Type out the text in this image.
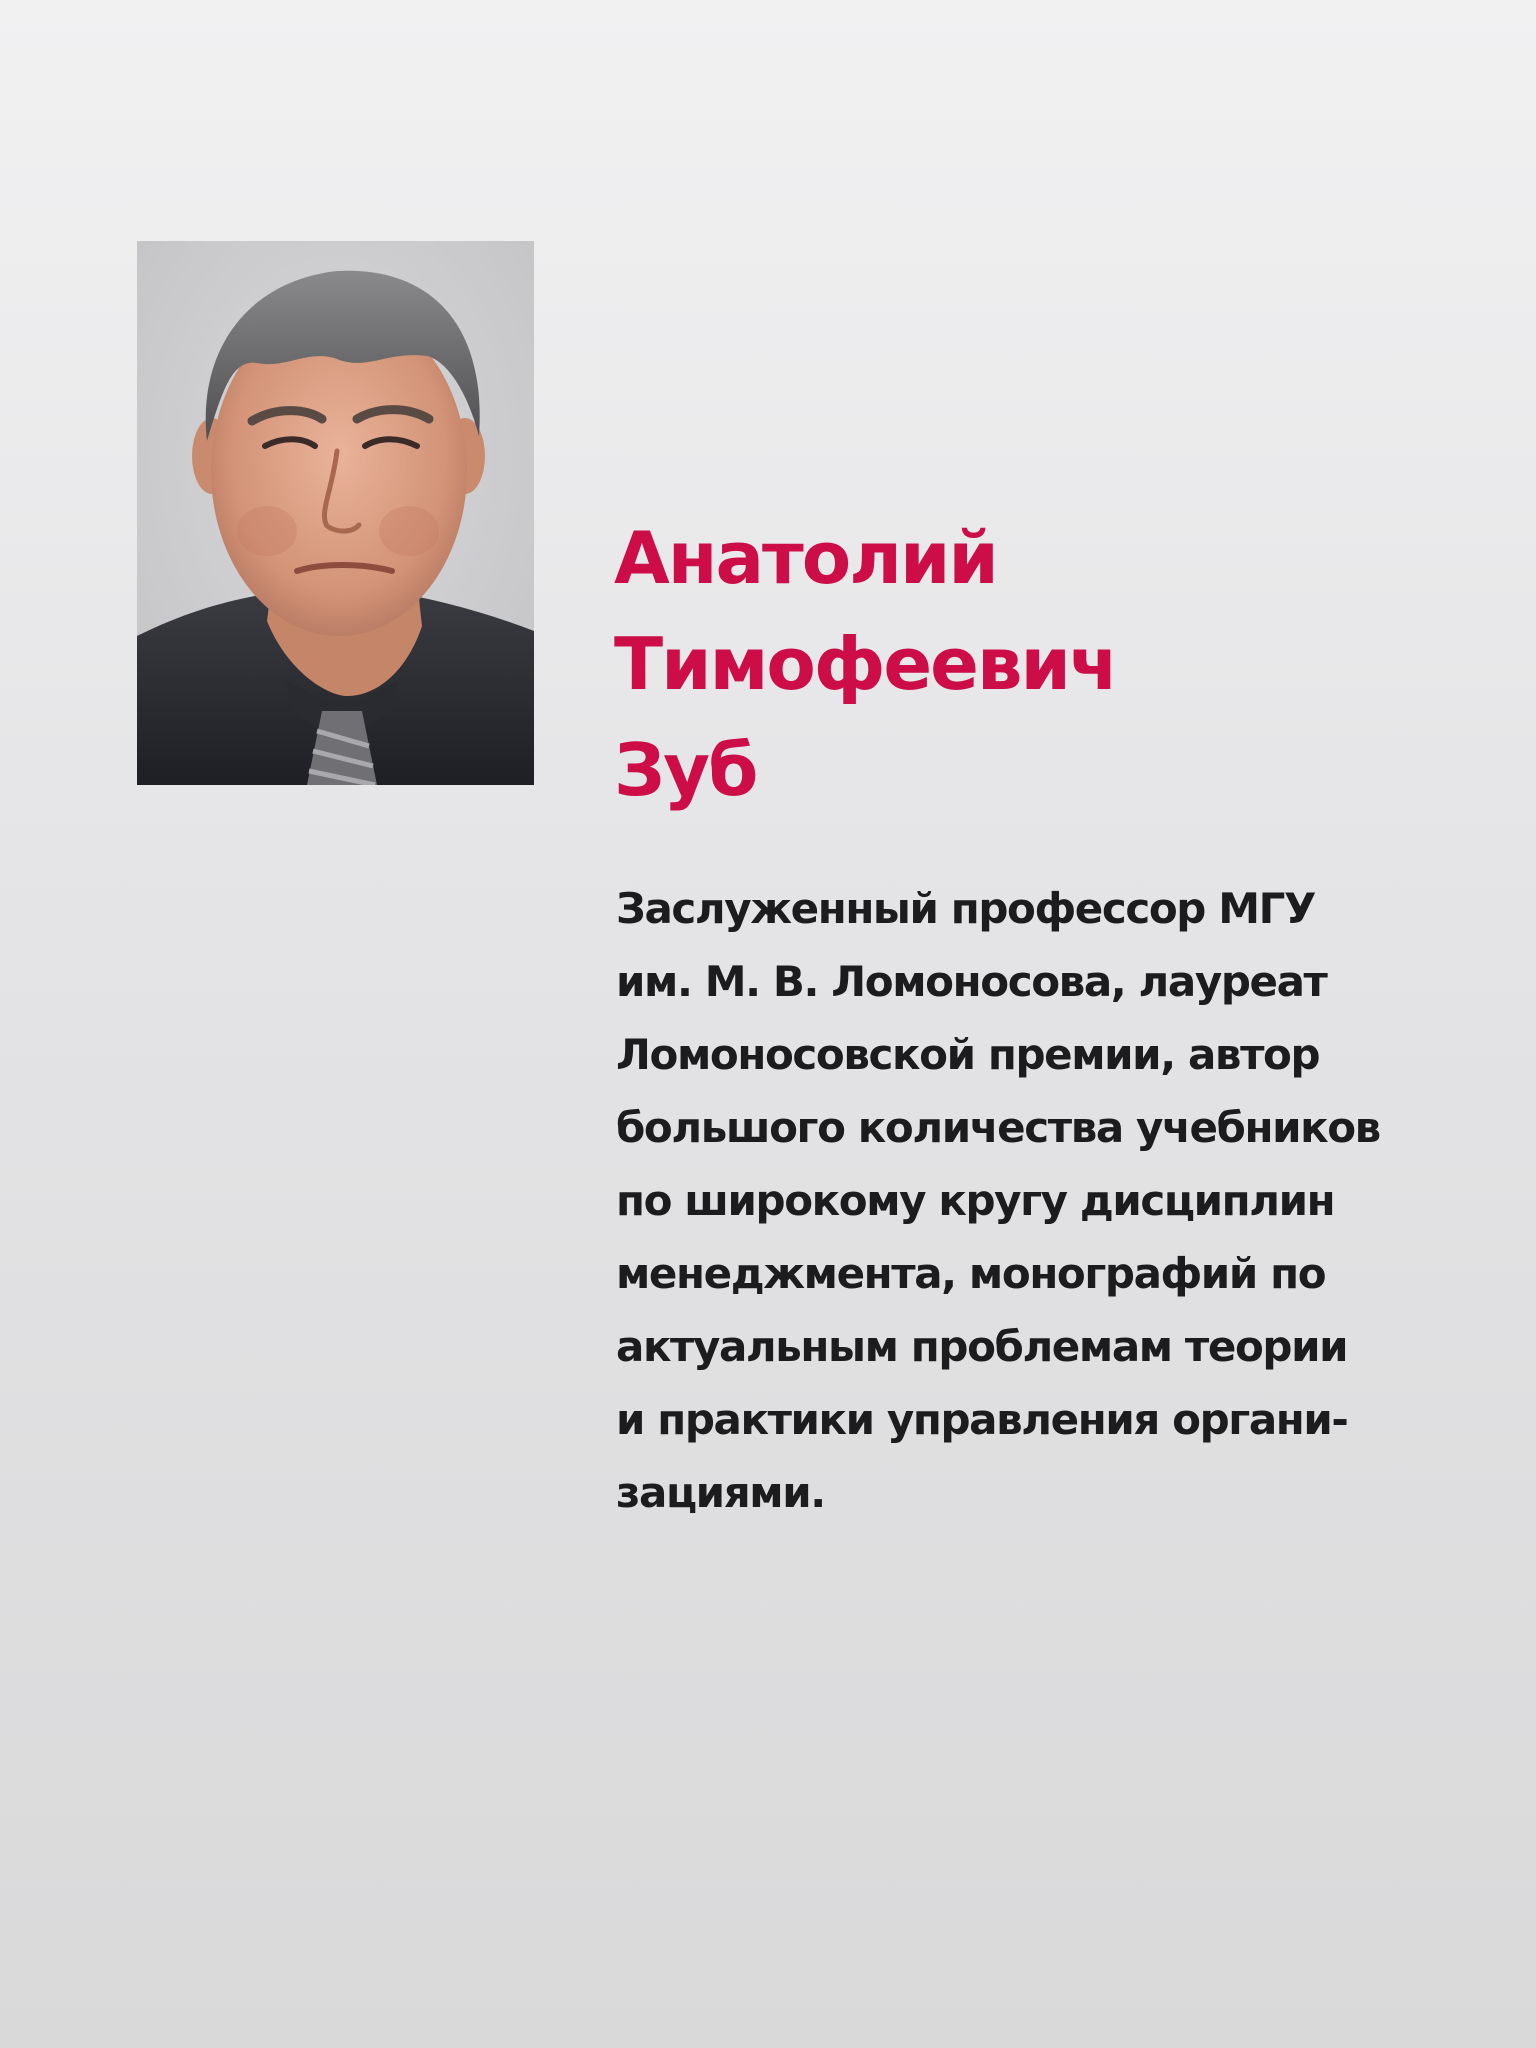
Анатолий
Тимофеевич
Зуб

Заслуженный профессор МГУ
им. М. В. Ломоносова, лауреат
Ломоносовской премии, автор
большого количества учебников
по широкому кругу дисциплин
менеджмента, монографий по
актуальным проблемам теории
и практики управления органи-
зациями.
